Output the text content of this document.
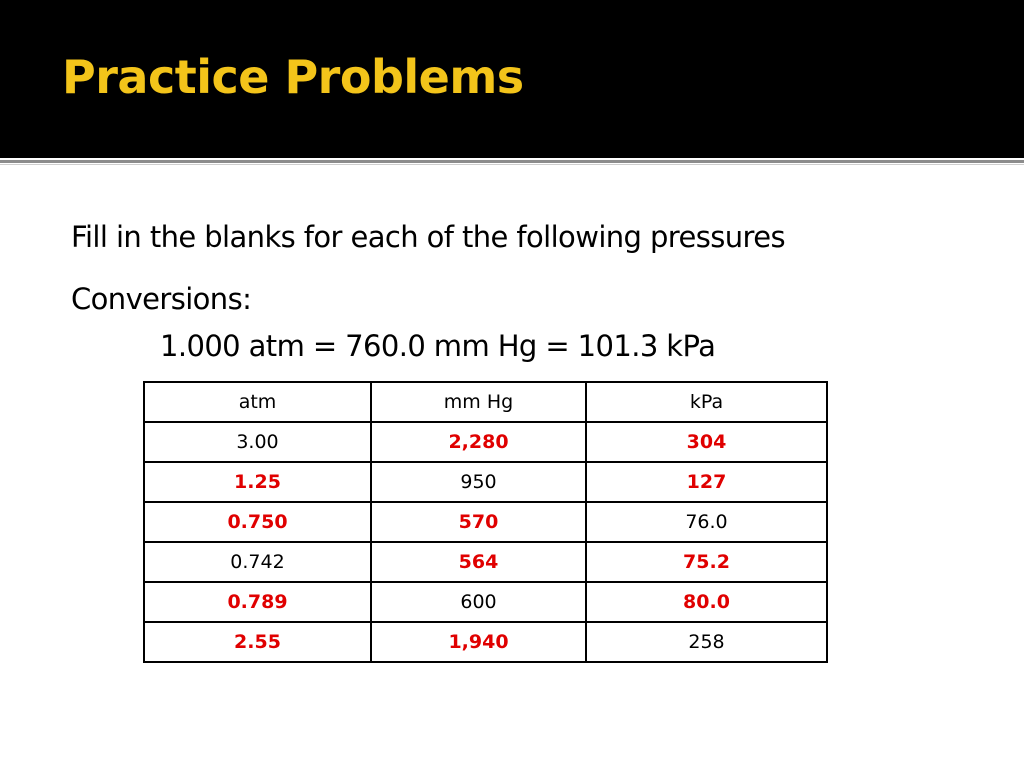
Practice Problems
Fill in the blanks for each of the following pressures
Conversions:
1.000 atm = 760.0 mm Hg = 101.3 kPa
atm	mm Hg	kPa
3.00	2,280	304
1.25	950	127
0.750	570	76.0
0.742	564	75.2
0.789	600	80.0
2.55	1,940	258
